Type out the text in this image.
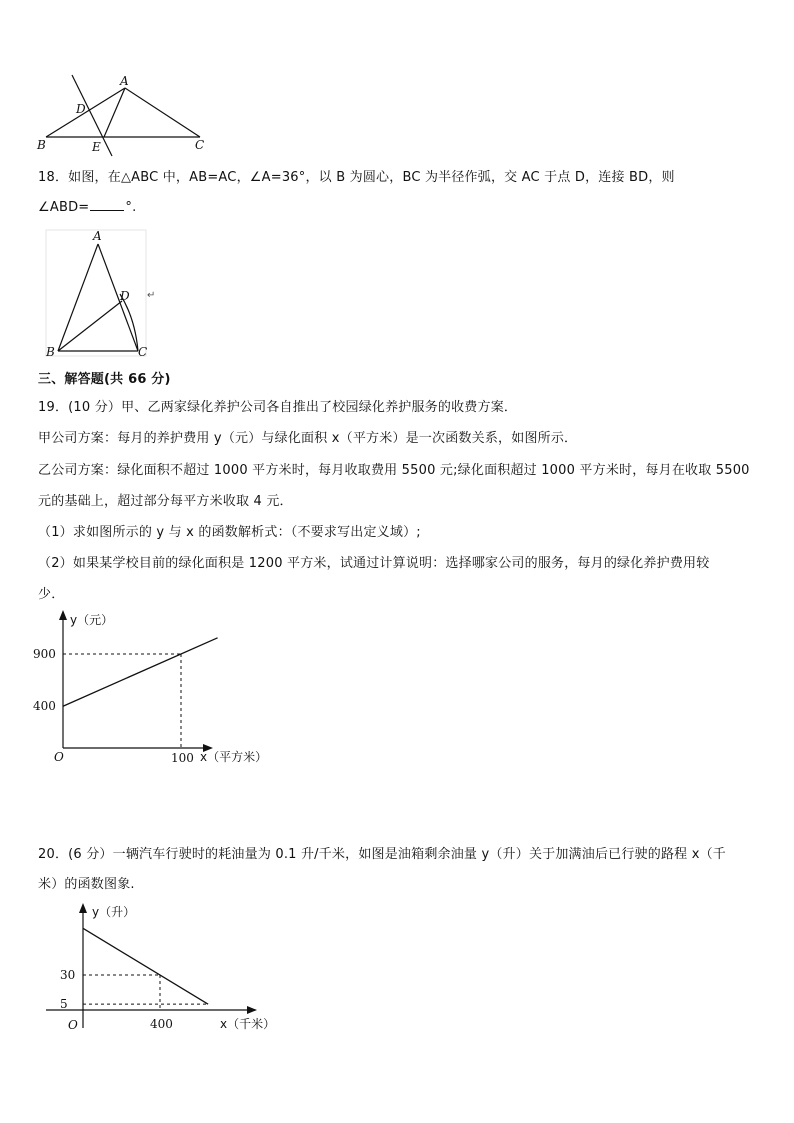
A
D
B	E	C
18．如图，在△ABC 中，AB=AC，∠A=36°，以 B 为圆心，BC 为半径作弧，交 AC 于点 D，连接 BD，则
∠ABD=	°.
A
D
B	C
↵
三、解答题(共 66 分)
19．(10 分）甲、乙两家绿化养护公司各自推出了校园绿化养护服务的收费方案．
甲公司方案：每月的养护费用 y（元）与绿化面积 x（平方米）是一次函数关系，如图所示．
乙公司方案：绿化面积不超过 1000 平方米时，每月收取费用 5500 元;绿化面积超过 1000 平方米时，每月在收取 5500
元的基础上，超过部分每平方米收取 4 元．
（1）求如图所示的 y 与 x 的函数解析式：（不要求写出定义域）;
（2）如果某学校目前的绿化面积是 1200 平方米，试通过计算说明：选择哪家公司的服务，每月的绿化养护费用较
少．
y（元）
x（平方米）
O
400
900
100
20．(6 分）一辆汽车行驶时的耗油量为 0.1 升/千米，如图是油箱剩余油量 y（升）关于加满油后已行驶的路程 x（千
米）的函数图象.
y（升）
x（千米）
O
30
5
400
